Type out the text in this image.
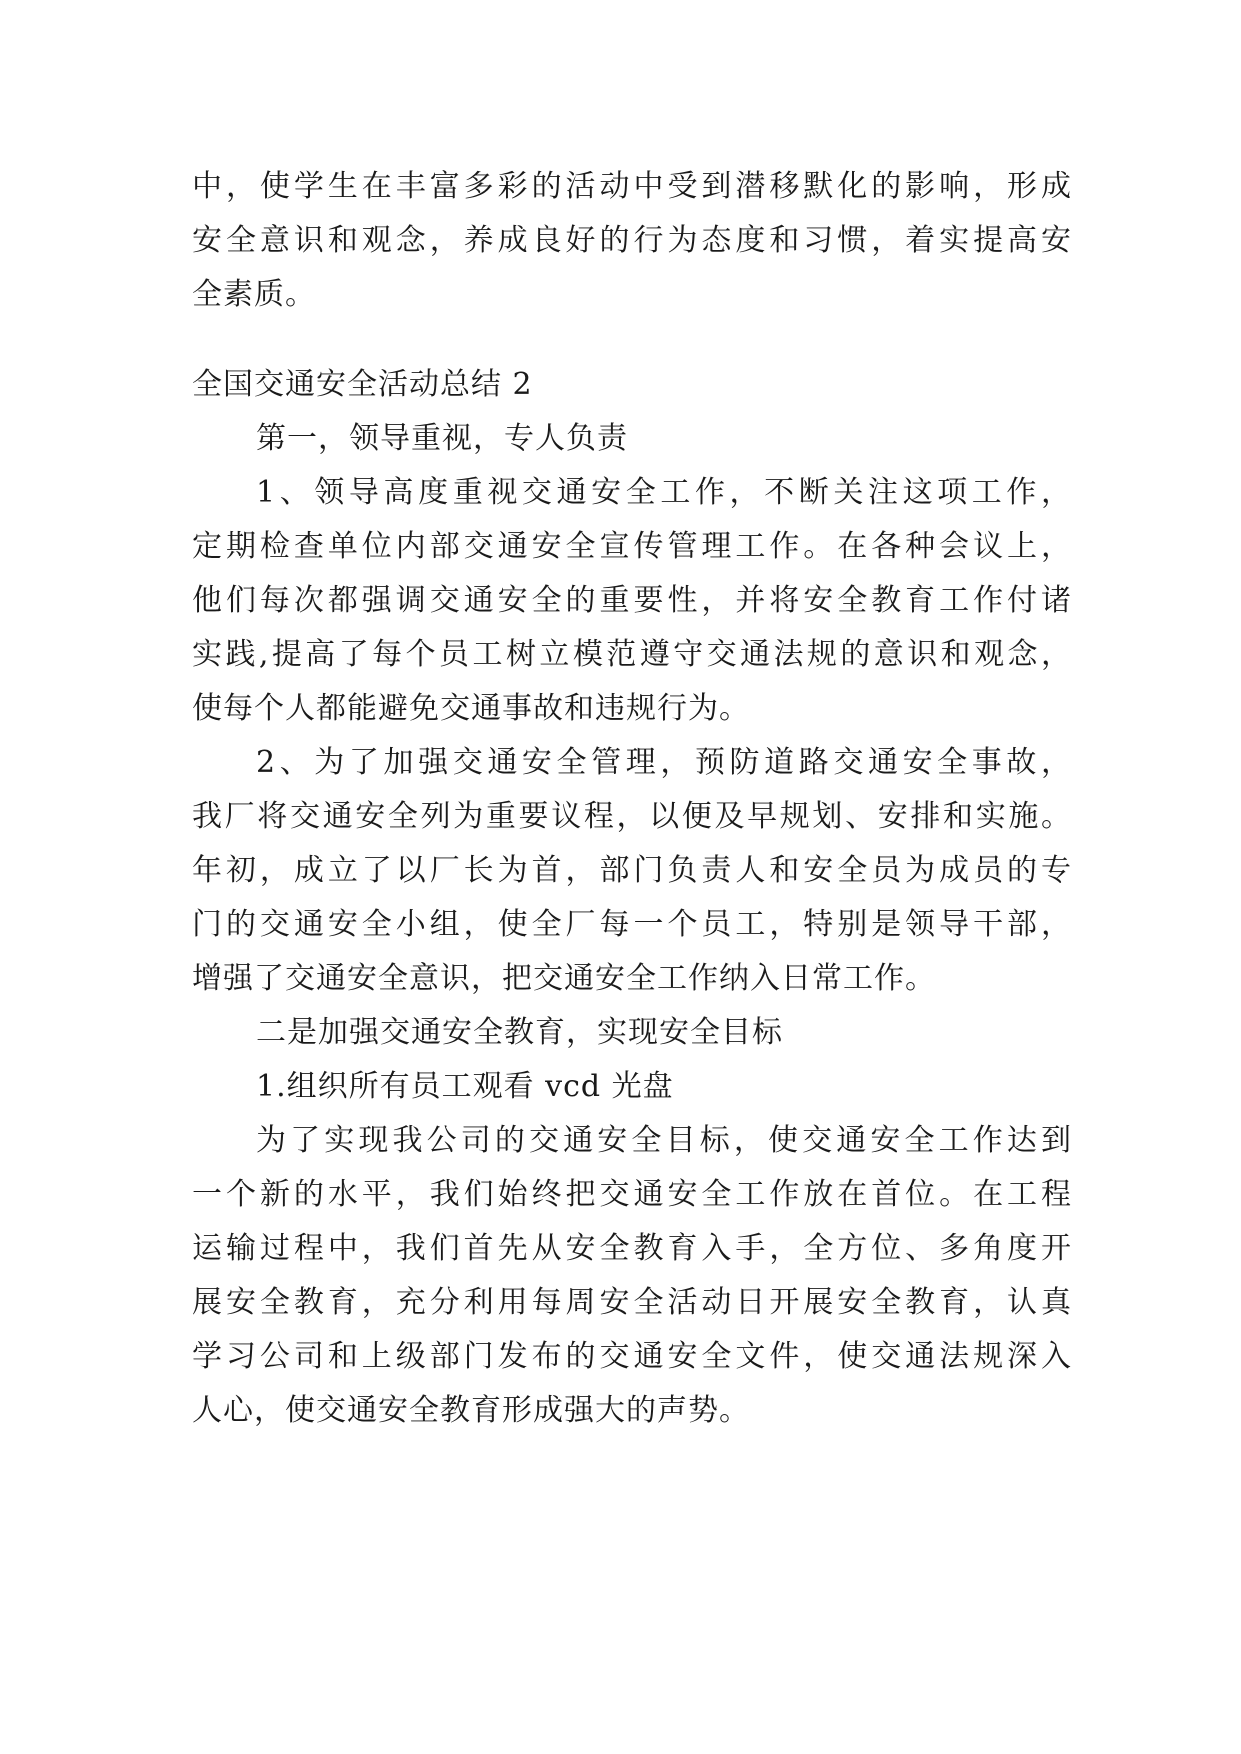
中，使学生在丰富多彩的活动中受到潜移默化的影响，形成
安全意识和观念，养成良好的行为态度和习惯，着实提高安
全素质。
全国交通安全活动总结 2
第一，领导重视，专人负责
1、领导高度重视交通安全工作，不断关注这项工作，
定期检查单位内部交通安全宣传管理工作。在各种会议上，
他们每次都强调交通安全的重要性，并将安全教育工作付诸
实践,提高了每个员工树立模范遵守交通法规的意识和观念，
使每个人都能避免交通事故和违规行为。
2、为了加强交通安全管理，预防道路交通安全事故，
我厂将交通安全列为重要议程，以便及早规划、安排和实施。
年初，成立了以厂长为首，部门负责人和安全员为成员的专
门的交通安全小组，使全厂每一个员工，特别是领导干部，
增强了交通安全意识，把交通安全工作纳入日常工作。
二是加强交通安全教育，实现安全目标
1.组织所有员工观看 vcd 光盘
为了实现我公司的交通安全目标，使交通安全工作达到
一个新的水平，我们始终把交通安全工作放在首位。在工程
运输过程中，我们首先从安全教育入手，全方位、多角度开
展安全教育，充分利用每周安全活动日开展安全教育，认真
学习公司和上级部门发布的交通安全文件，使交通法规深入
人心，使交通安全教育形成强大的声势。
